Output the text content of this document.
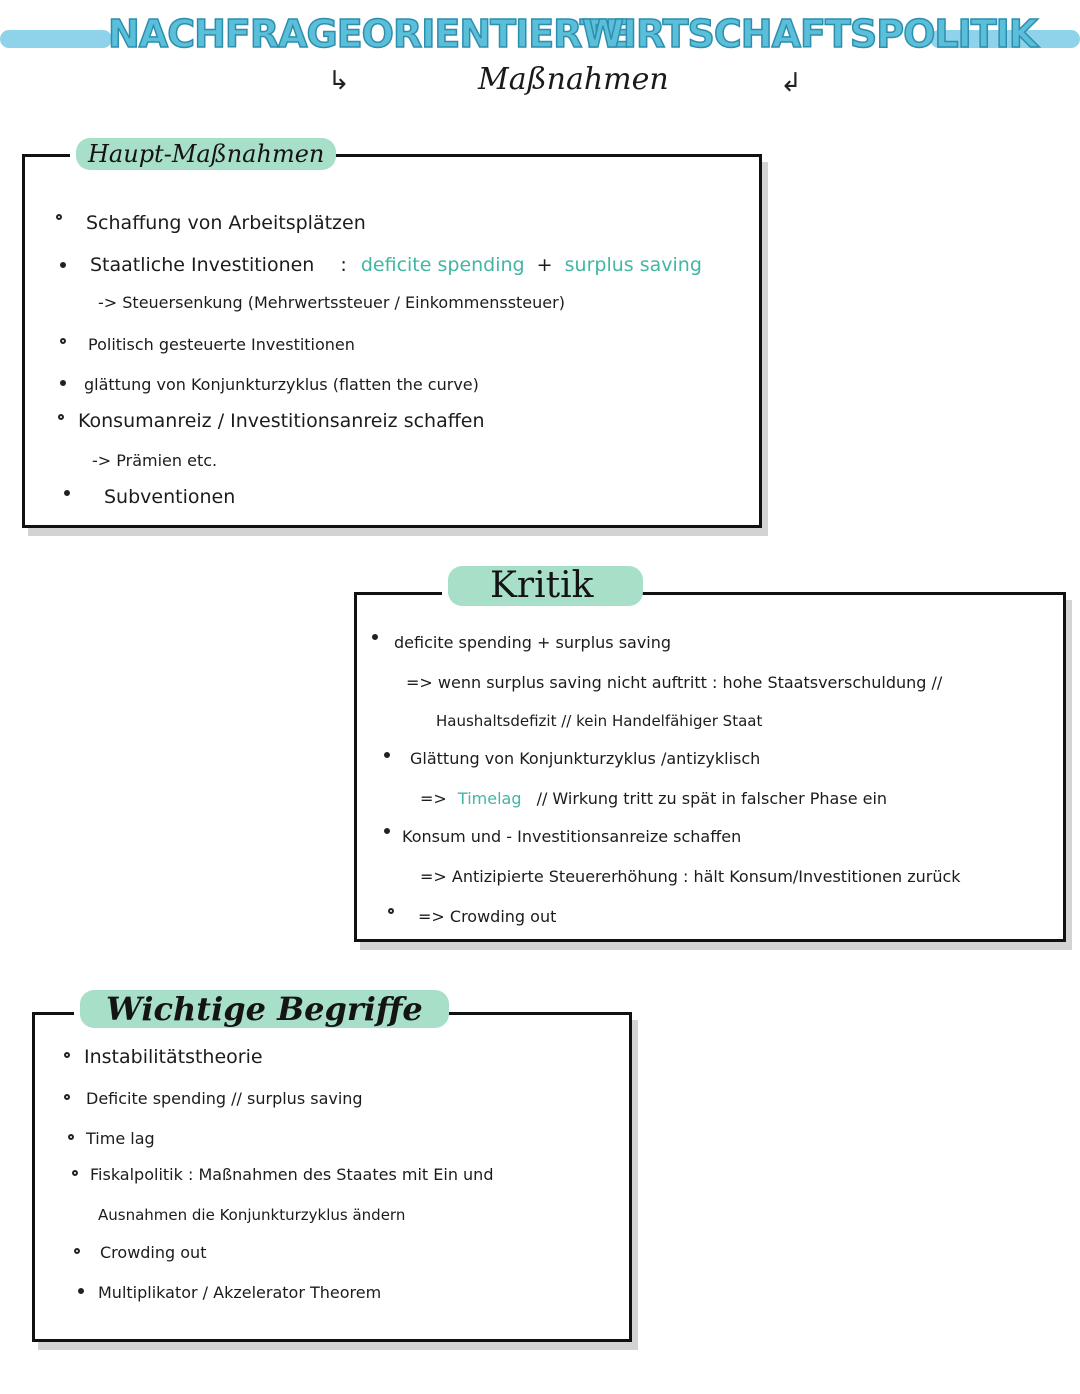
NACHFRAGEORIENTIERTE
WIRTSCHAFTSPOLITIK
↳	Maßnahmen	↲
Haupt-Maßnahmen
Schaffung von Arbeitsplätzen
Staatliche Investitionen : deficite spending + surplus saving
-> Steuersenkung (Mehrwertssteuer / Einkommenssteuer)
Politisch gesteuerte Investitionen
glättung von Konjunkturzyklus (flatten the curve)
Konsumanreiz / Investitionsanreiz schaffen
-> Prämien etc.
Subventionen
Kritik
deficite spending + surplus saving
=> wenn surplus saving nicht auftritt : hohe Staatsverschuldung //
Haushaltsdefizit // kein Handelfähiger Staat
Glättung von Konjunkturzyklus /antizyklisch
=> Timelag // Wirkung tritt zu spät in falscher Phase ein
Konsum und - Investitionsanreize schaffen
=> Antizipierte Steuererhöhung : hält Konsum/Investitionen zurück
=> Crowding out
Wichtige Begriffe
Instabilitätstheorie
Deficite spending // surplus saving
Time lag
Fiskalpolitik : Maßnahmen des Staates mit Ein und
Ausnahmen die Konjunkturzyklus ändern
Crowding out
Multiplikator / Akzelerator Theorem
